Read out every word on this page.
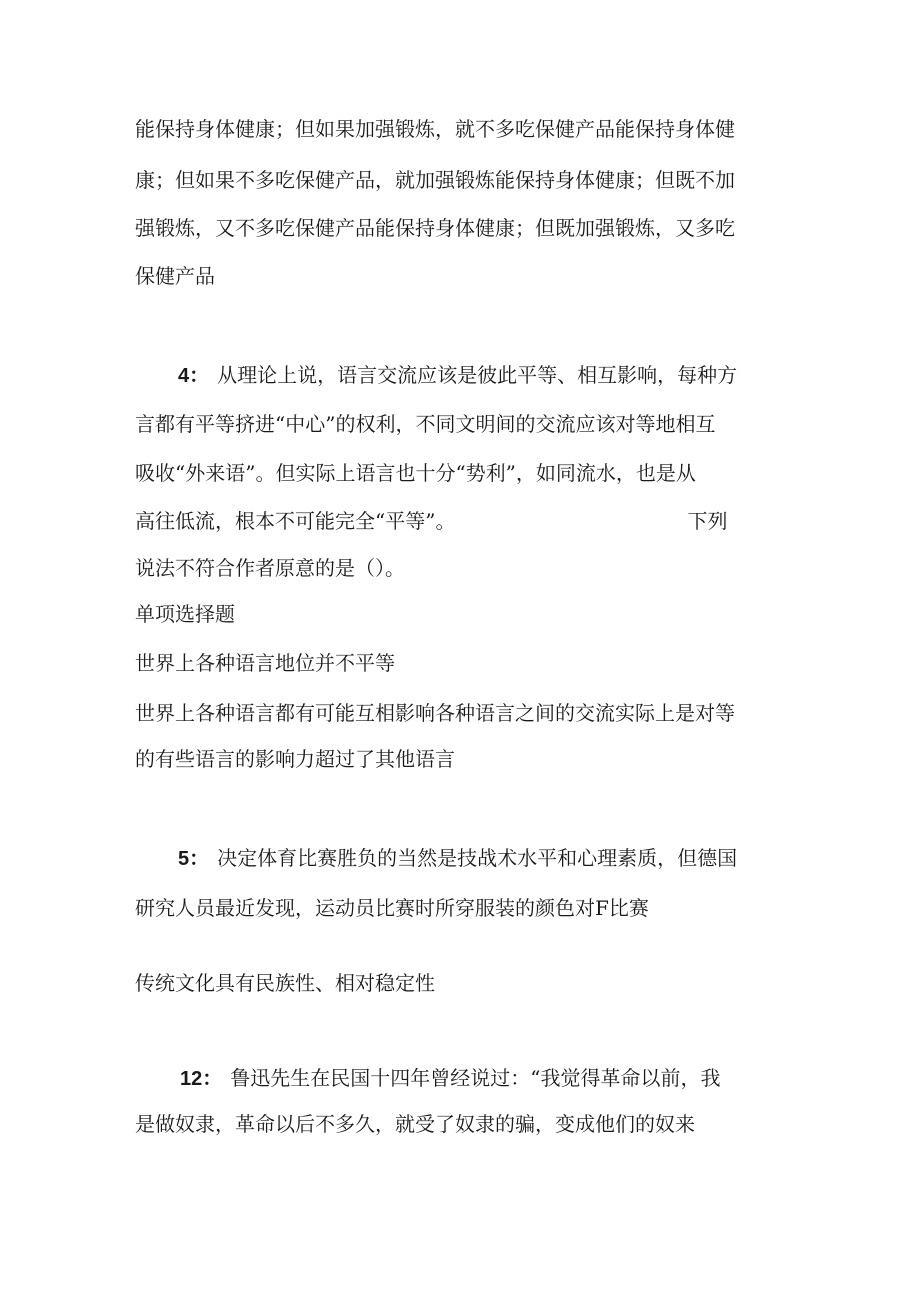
能保持身体健康；但如果加强锻炼，就不多吃保健产品能保持身体健
康；但如果不多吃保健产品，就加强锻炼能保持身体健康；但既不加
强锻炼，又不多吃保健产品能保持身体健康；但既加强锻炼，又多吃
保健产品
4： 从理论上说，语言交流应该是彼此平等、相互影响，每种方
言都有平等挤进“中心”的权利，不同文明间的交流应该对等地相互
吸收“外来语”。但实际上语言也十分“势利”，如同流水，也是从
高往低流，根本不可能完全“平等”。	下列
说法不符合作者原意的是（）。
单项选择题
世界上各种语言地位并不平等
世界上各种语言都有可能互相影响各种语言之间的交流实际上是对等
的有些语言的影响力超过了其他语言
5： 决定体育比赛胜负的当然是技战术水平和心理素质，但德国
研究人员最近发现，运动员比赛时所穿服装的颜色对F比赛
传统文化具有民族性、相对稳定性
12： 鲁迅先生在民国十四年曾经说过：“我觉得革命以前，我
是做奴隶，革命以后不多久，就受了奴隶的骗，变成他们的奴来
